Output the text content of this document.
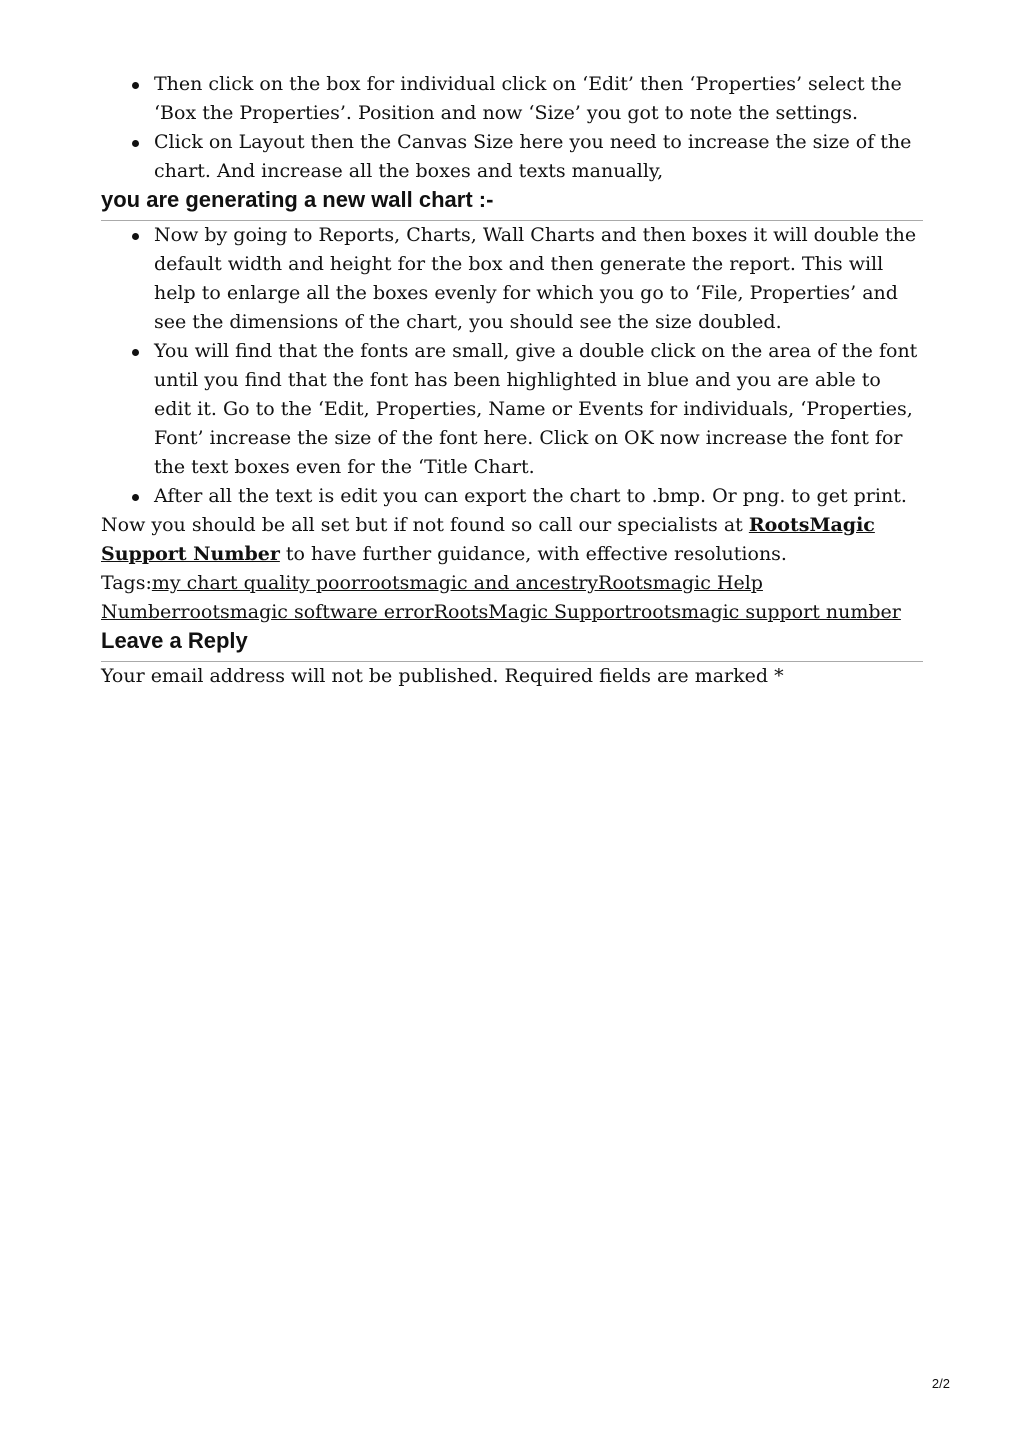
Then click on the box for individual click on ‘Edit’ then ‘Properties’ select the ‘Box the Properties’. Position and now ‘Size’ you got to note the settings.
Click on Layout then the Canvas Size here you need to increase the size of the chart. And increase all the boxes and texts manually,
you are generating a new wall chart :-
Now by going to Reports, Charts, Wall Charts and then boxes it will double the default width and height for the box and then generate the report. This will help to enlarge all the boxes evenly for which you go to ‘File, Properties’ and see the dimensions of the chart, you should see the size doubled.
You will find that the fonts are small, give a double click on the area of the font until you find that the font has been highlighted in blue and you are able to edit it. Go to the ‘Edit, Properties, Name or Events for individuals, ‘Properties, Font’ increase the size of the font here. Click on OK now increase the font for the text boxes even for the ‘Title Chart.
After all the text is edit you can export the chart to .bmp. Or png. to get print.

Now you should be all set but if not found so call our specialists at RootsMagic Support Number to have further guidance, with effective resolutions.

Tags:my chart quality poorrootsmagic and ancestryRootsmagic Help Numberrootsmagic software errorRootsMagic Supportrootsmagic support number

Leave a Reply

Your email address will not be published. Required fields are marked *

2/2
